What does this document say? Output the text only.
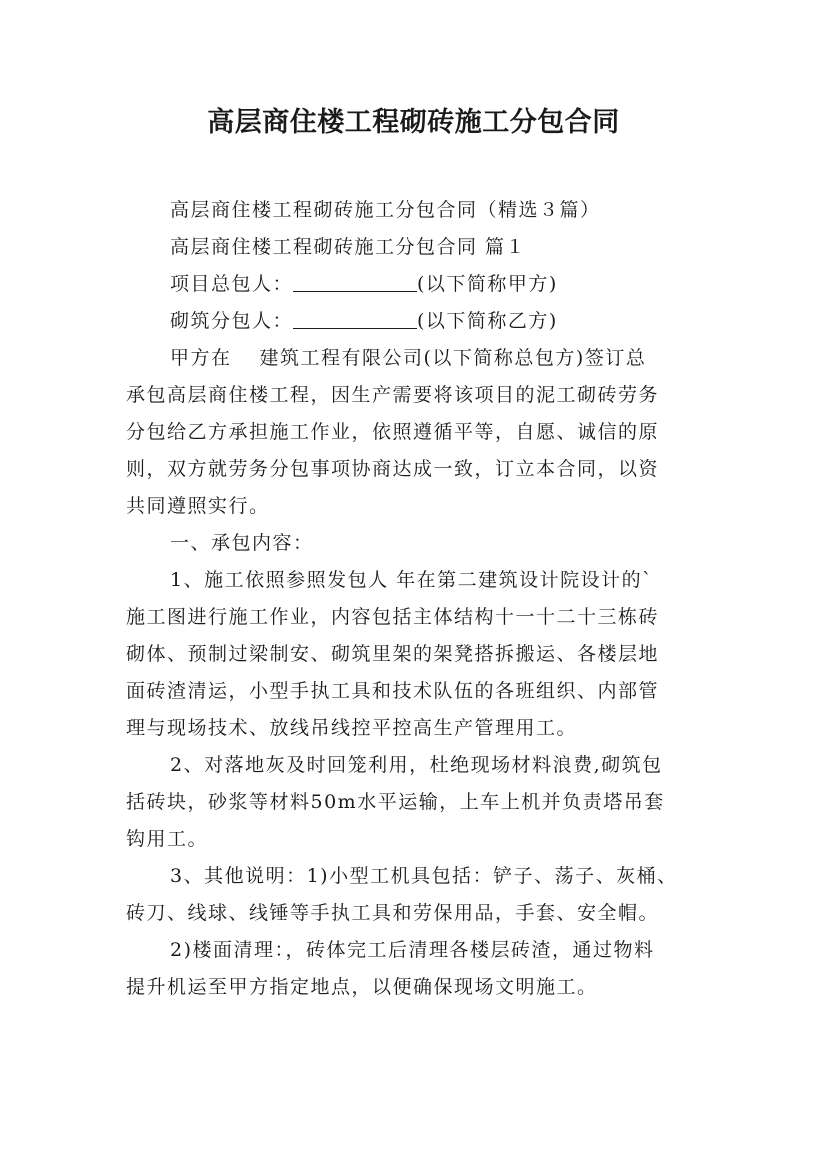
高层商住楼工程砌砖施工分包合同
高层商住楼工程砌砖施工分包合同（精选３篇）
高层商住楼工程砌砖施工分包合同 篇１
项目总包人：	(以下简称甲方)
砌筑分包人：	(以下简称乙方)
甲方在 建筑工程有限公司(以下简称总包方)签订总
承包高层商住楼工程，因生产需要将该项目的泥工砌砖劳务
分包给乙方承担施工作业，依照遵循平等，自愿、诚信的原
则，双方就劳务分包事项协商达成一致，订立本合同，以资
共同遵照实行。
一、承包内容：
1、施工依照参照发包人 年在第二建筑设计院设计的`
施工图进行施工作业，内容包括主体结构十一十二十三栋砖
砌体、预制过梁制安、砌筑里架的架凳搭拆搬运、各楼层地
面砖渣清运，小型手执工具和技术队伍的各班组织、内部管
理与现场技术、放线吊线控平控高生产管理用工。
2、对落地灰及时回笼利用，杜绝现场材料浪费,砌筑包
括砖块，砂浆等材料50m水平运输，上车上机并负责塔吊套
钩用工。
3、其他说明：1)小型工机具包括：铲子、荡子、灰桶、
砖刀、线球、线锤等手执工具和劳保用品，手套、安全帽。
2)楼面清理：，砖体完工后清理各楼层砖渣，通过物料
提升机运至甲方指定地点，以便确保现场文明施工。
